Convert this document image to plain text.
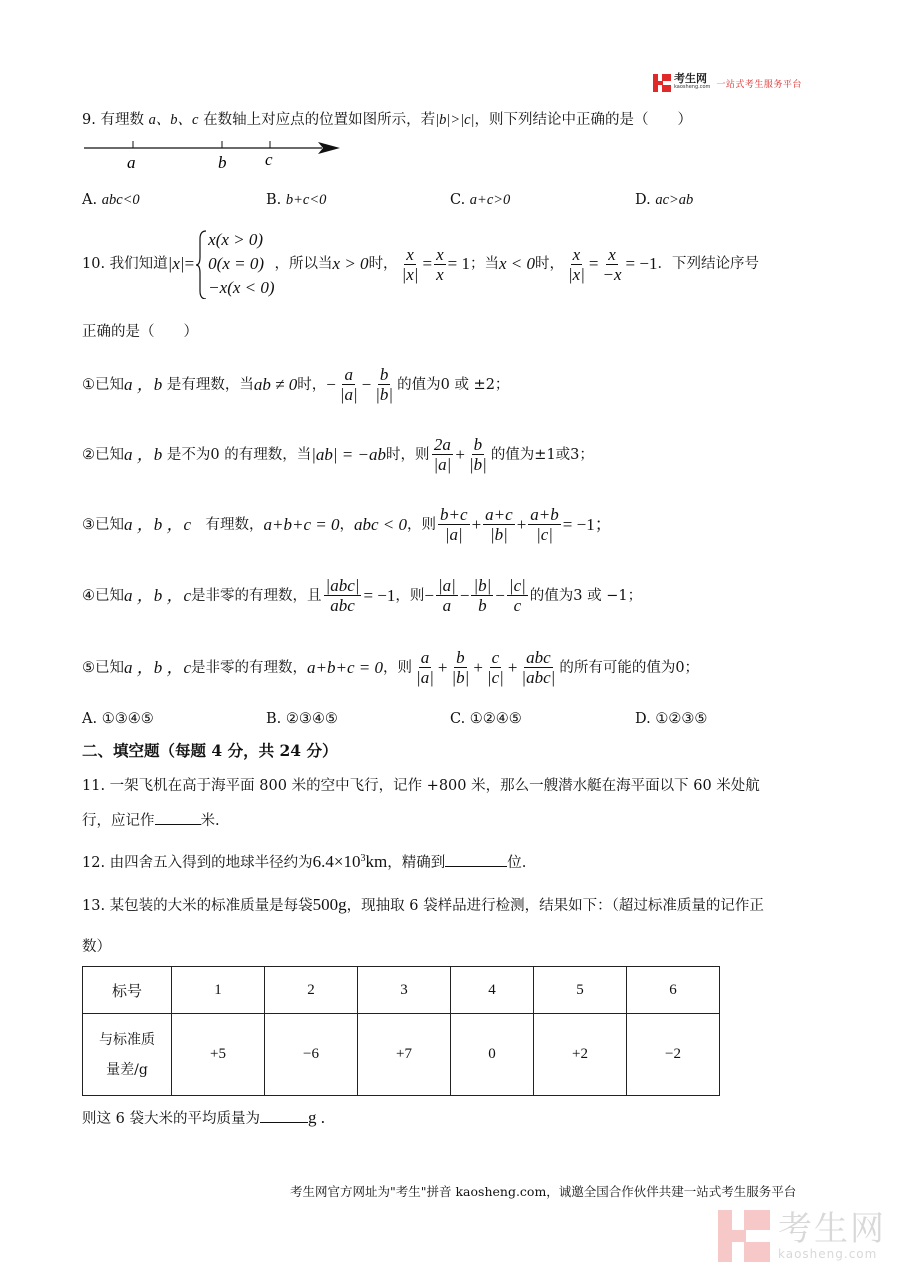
考生网
kaosheng.com 一站式考生服务平台
9. 有理数 a、b、c 在数轴上对应点的位置如图所示，若|b|>|c|，则下列结论中正确的是（　　）
a	b c
A. abc<0	B. b+c<0	C. a+c>0	D. ac>ab
10.
我们知道 |x| =
x(x > 0)
0(x = 0)
−x(x < 0)
，所以当 x > 0 时， $\frac{x}{|x|} = \frac{x}{x} = 1$ ；当 x < 0 时， $\frac{x}{|x|} = \frac{x}{-x} = -1$ ．下列结论序号
正确的是（　　）
① 已知 a ，b
是有理数，当 ab ≠ 0 时， − $\frac{a}{|a|} - \frac{b}{|b|}$ 的值为0 或 ±2；
② 已知 a ，b
是不为0 的有理数，当 |ab| = −ab 时，则 $\frac{2a}{|a|} + \frac{b}{|b|}$ 的值为±1或3；
③ 已知 a ，b ，c 　有理数， a+b+c = 0 ， abc < 0 ，则 $\frac{b+c}{|a|} + \frac{a+c}{|b|} + \frac{a+b}{|c|} = -1$；
④ 已知 a ，b ，c 是非零的有理数，且 $\frac{\text{|abc|}}{\text{abc}} = -1$ ，则 − $\frac{|a|}{a} - \frac{|b|}{b} - \frac{|c|}{c}$ 的值为3 或 −1；
⑤ 已知 a ，b ，c 是非零的有理数， a+b+c = 0 ，则 $\frac{a}{|a|} + \frac{b}{|b|} + \frac{c}{|c|} + \frac{\text{abc}}{\text{|abc|}}$ 的所有可能的值为0；
A. ①③④⑤	B. ②③④⑤	C. ①②④⑤	D. ①②③⑤
二、填空题（每题 4 分，共 24 分）
11. 一架飞机在高于海平面 800 米的空中飞行，记作 +800 米，那么一艘潜水艇在海平面以下 60 米处航
行，应记作	米.
12. 由四舍五入得到的地球半径约为$6.4\times 10^3km$，精确到	位.
13. 某包装的大米的标准质量是每袋500g，现抽取 6 袋样品进行检测，结果如下：（超过标准质量的记作正
数）
标号	1	2	3	4	5	6

与标准质
量差/g	+5	−6	+7	0	+2	−2
则这 6 袋大米的平均质量为	g .
考生网官方网址为"考生"拼音 kaosheng.com，诚邀全国合作伙伴共建一站式考生服务平台
考生网
kaosheng.com
